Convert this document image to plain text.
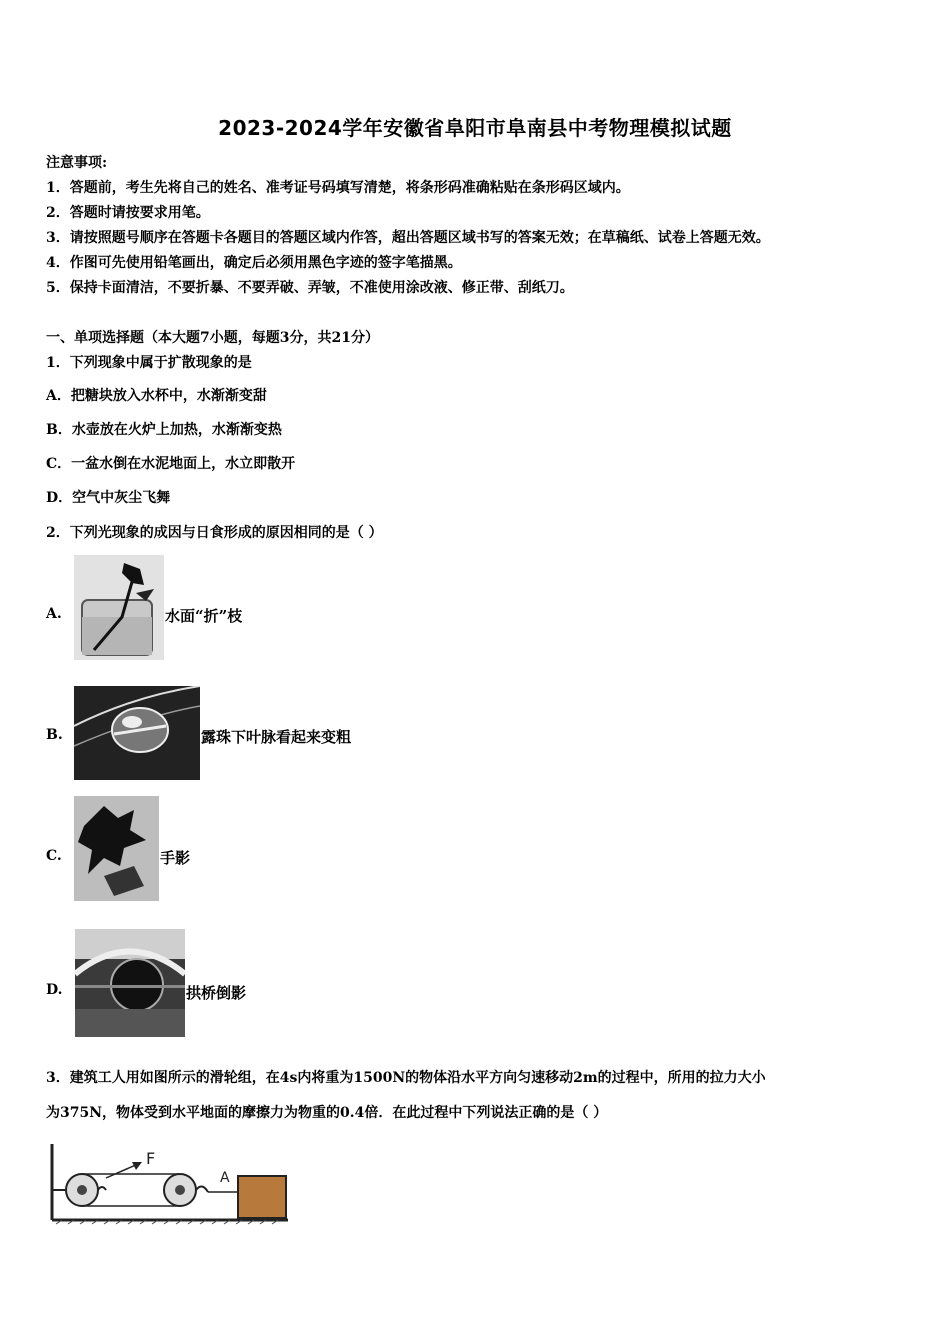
2023-2024学年安徽省阜阳市阜南县中考物理模拟试题
注意事项:
1．答题前，考生先将自己的姓名、准考证号码填写清楚，将条形码准确粘贴在条形码区域内。
2．答题时请按要求用笔。
3．请按照题号顺序在答题卡各题目的答题区域内作答，超出答题区域书写的答案无效；在草稿纸、试卷上答题无效。
4．作图可先使用铅笔画出，确定后必须用黑色字迹的签字笔描黑。
5．保持卡面清洁，不要折暴、不要弄破、弄皱，不准使用涂改液、修正带、刮纸刀。
一、单项选择题（本大题7小题，每题3分，共21分）
1．下列现象中属于扩散现象的是
A．把糖块放入水杯中，水渐渐变甜
B．水壶放在火炉上加热，水渐渐变热
C．一盆水倒在水泥地面上，水立即散开
D．空气中灰尘飞舞
2．下列光现象的成因与日食形成的原因相同的是（ ）
A.	水面“折”枝
B.	露珠下叶脉看起来变粗
C.	手影
D.	拱桥倒影
3．建筑工人用如图所示的滑轮组，在4s内将重为1500N的物体沿水平方向匀速移动2m的过程中，所用的拉力大小
为375N，物体受到水平地面的摩擦力为物重的0.4倍．在此过程中下列说法正确的是（ ）
F
A
